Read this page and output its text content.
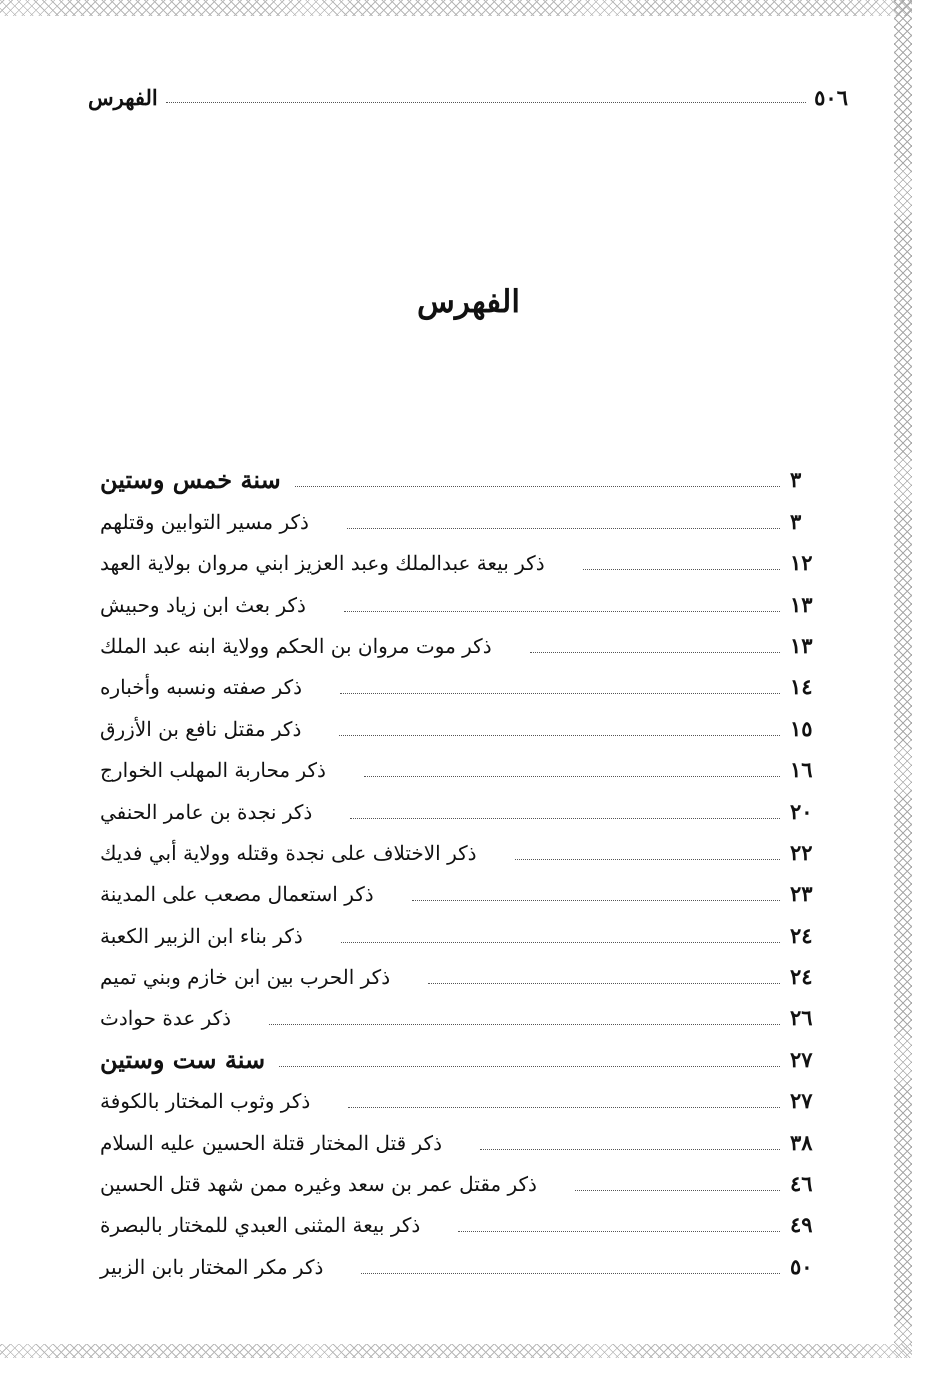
٥٠٦
الفهرس
الفهرس
سنة خمس وستين	٣
ذكر مسير التوابين وقتلهم	٣
ذكر بيعة عبدالملك وعبد العزيز ابني مروان بولاية العهد	١٢
ذكر بعث ابن زياد وحبيش	١٣
ذكر موت مروان بن الحكم وولاية ابنه عبد الملك	١٣
ذكر صفته ونسبه وأخباره	١٤
ذكر مقتل نافع بن الأزرق	١٥
ذكر محاربة المهلب الخوارج	١٦
ذكر نجدة بن عامر الحنفي	٢٠
ذكر الاختلاف على نجدة وقتله وولاية أبي فديك	٢٢
ذكر استعمال مصعب على المدينة	٢٣
ذكر بناء ابن الزبير الكعبة	٢٤
ذكر الحرب بين ابن خازم وبني تميم	٢٤
ذكر عدة حوادث	٢٦
سنة ست وستين	٢٧
ذكر وثوب المختار بالكوفة	٢٧
ذكر قتل المختار قتلة الحسين عليه السلام	٣٨
ذكر مقتل عمر بن سعد وغيره ممن شهد قتل الحسين	٤٦
ذكر بيعة المثنى العبدي للمختار بالبصرة	٤٩
ذكر مكر المختار بابن الزبير	٥٠
